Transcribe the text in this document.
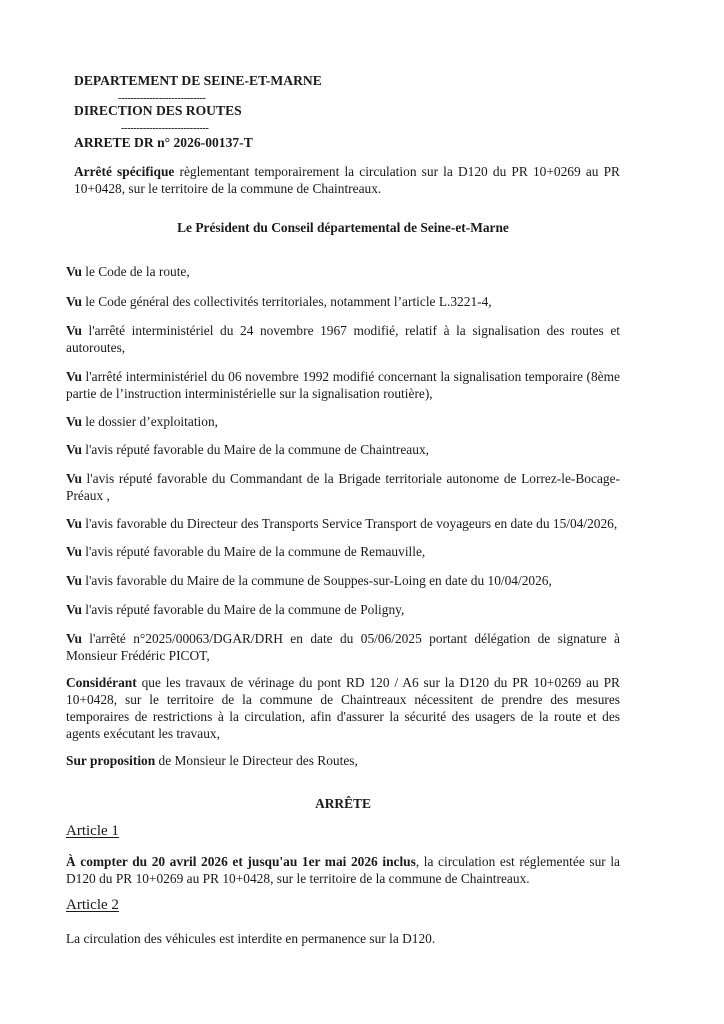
DEPARTEMENT DE SEINE-ET-MARNE
----------------------------
DIRECTION DES ROUTES
----------------------------
ARRETE DR n° 2026-00137-T

Arrêté spécifique règlementant temporairement la circulation sur la D120 du PR 10+0269 au PR 10+0428, sur le territoire de la commune de Chaintreaux.

Le Président du Conseil départemental de Seine-et-Marne

Vu le Code de la route,

Vu le Code général des collectivités territoriales, notamment l’article L.3221-4,

Vu l'arrêté interministériel du 24 novembre 1967 modifié, relatif à la signalisation des routes et autoroutes,

Vu l'arrêté interministériel du 06 novembre 1992 modifié concernant la signalisation temporaire (8ème partie de l’instruction interministérielle sur la signalisation routière),

Vu le dossier d’exploitation,

Vu l'avis réputé favorable du Maire de la commune de Chaintreaux,

Vu l'avis réputé favorable du Commandant de la Brigade territoriale autonome de Lorrez-le-Bocage-Préaux ,

Vu l'avis favorable du Directeur des Transports Service Transport de voyageurs en date du 15/04/2026,

Vu l'avis réputé favorable du Maire de la commune de Remauville,

Vu l'avis favorable du Maire de la commune de Souppes-sur-Loing en date du 10/04/2026,

Vu l'avis réputé favorable du Maire de la commune de Poligny,

Vu l'arrêté n°2025/00063/DGAR/DRH en date du 05/06/2025 portant délégation de signature à Monsieur Frédéric PICOT,

Considérant que les travaux de vérinage du pont RD 120 / A6 sur la D120 du PR 10+0269 au PR 10+0428, sur le territoire de la commune de Chaintreaux nécessitent de prendre des mesures temporaires de restrictions à la circulation, afin d'assurer la sécurité des usagers de la route et des agents exécutant les travaux,

Sur proposition de Monsieur le Directeur des Routes,

ARRÊTE
Article 1

À compter du 20 avril 2026 et jusqu'au 1er mai 2026 inclus, la circulation est réglementée sur la D120 du PR 10+0269 au PR 10+0428, sur le territoire de la commune de Chaintreaux.

Article 2

La circulation des véhicules est interdite en permanence sur la D120.
